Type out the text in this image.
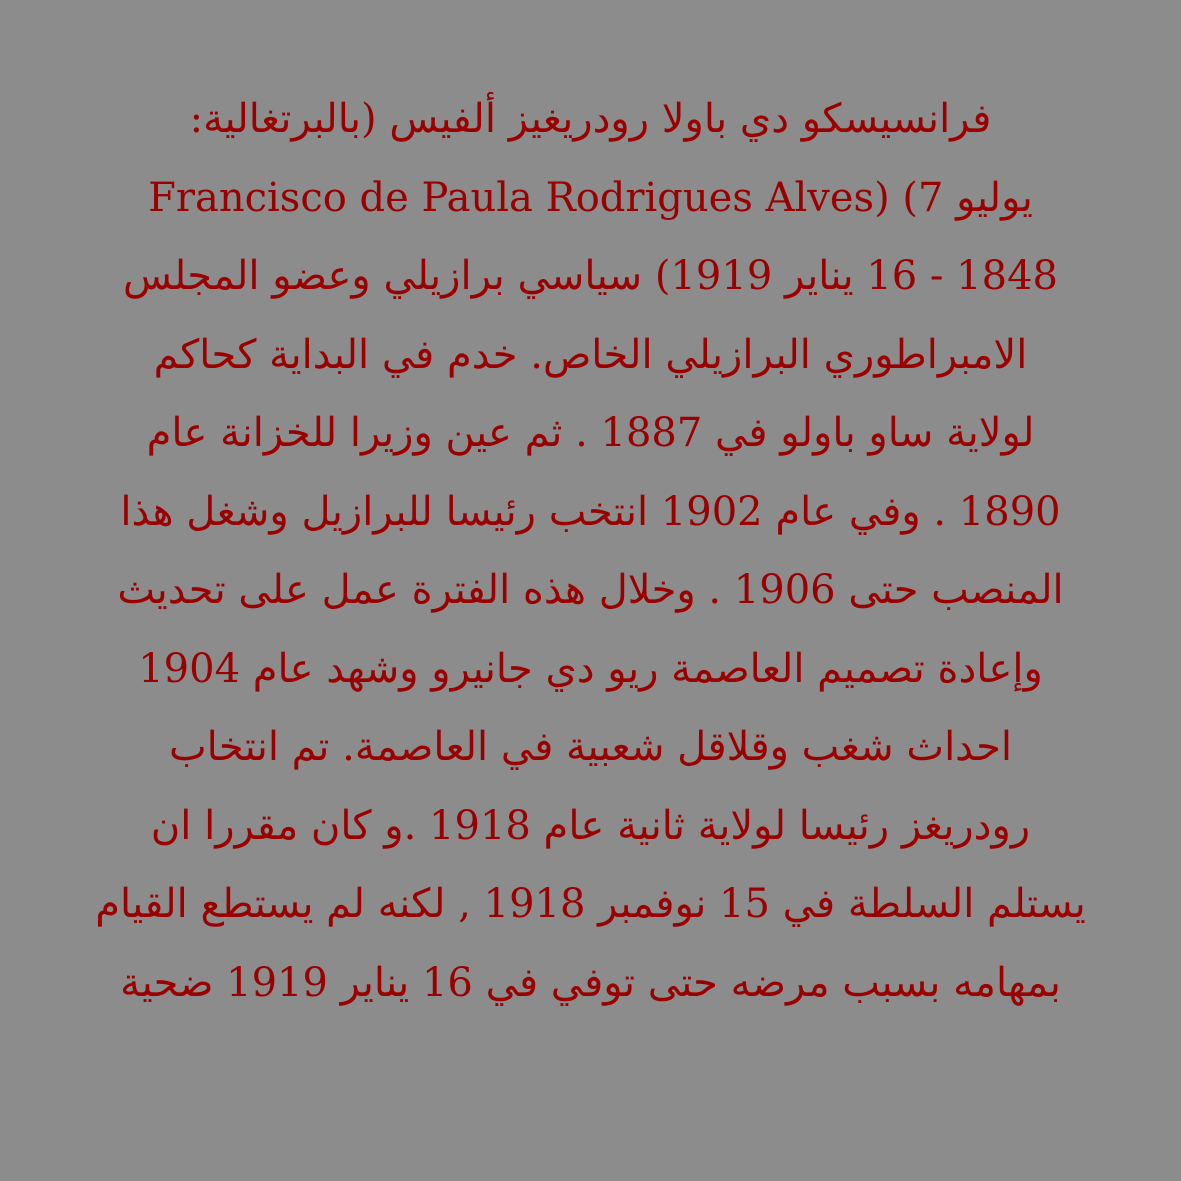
فرانسيسكو دي باولا رودريغيز ألفيس (بالبرتغالية:
Francisco de Paula Rodrigues Alves) (7 يوليو
1848 - 16 يناير 1919) سياسي برازيلي وعضو المجلس
الامبراطوري البرازيلي الخاص. خدم في البداية كحاكم
لولاية ساو باولو في 1887 . ثم عين وزيرا للخزانة عام
1890 . وفي عام 1902 انتخب رئيسا للبرازيل وشغل هذا
المنصب حتى 1906 . وخلال هذه الفترة عمل على تحديث
وإعادة تصميم العاصمة ريو دي جانيرو وشهد عام 1904
احداث شغب وقلاقل شعبية في العاصمة. تم انتخاب
رودريغز رئيسا لولاية ثانية عام 1918 .و كان مقررا ان
يستلم السلطة في 15 نوفمبر 1918 , لكنه لم يستطع القيام
بمهامه بسبب مرضه حتى توفي في 16 يناير 1919 ضحية
